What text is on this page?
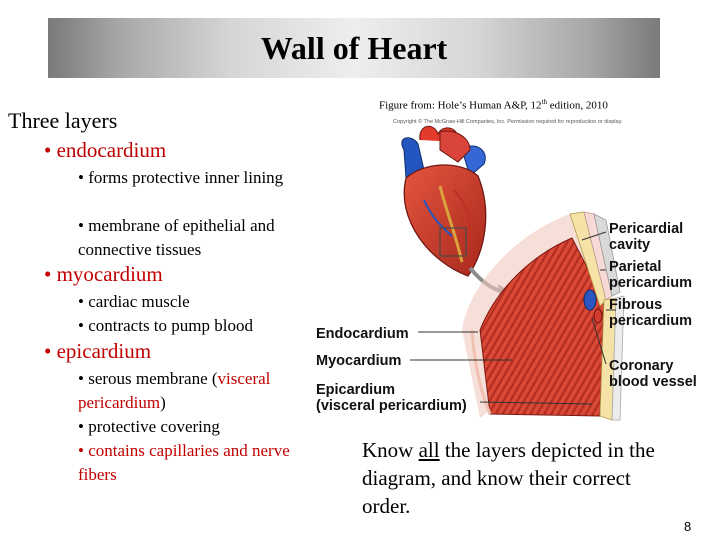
Wall of Heart
Three layers
• endocardium
• forms protective inner lining
• membrane of epithelial and connective tissues
• myocardium
• cardiac muscle
• contracts to pump blood
• epicardium
• serous membrane (visceral pericardium)
• protective covering
• contains capillaries and nerve fibers
Figure from: Hole’s Human A&P, 12th edition, 2010
Copyright © The McGraw-Hill Companies, Inc. Permission required for reproduction or display.
Pericardial
cavity
Parietal
pericardium
Fibrous
pericardium
Coronary
blood vessel
Endocardium
Myocardium
Epicardium
(visceral pericardium)
Know all the layers depicted in the diagram, and know their correct order.
8
